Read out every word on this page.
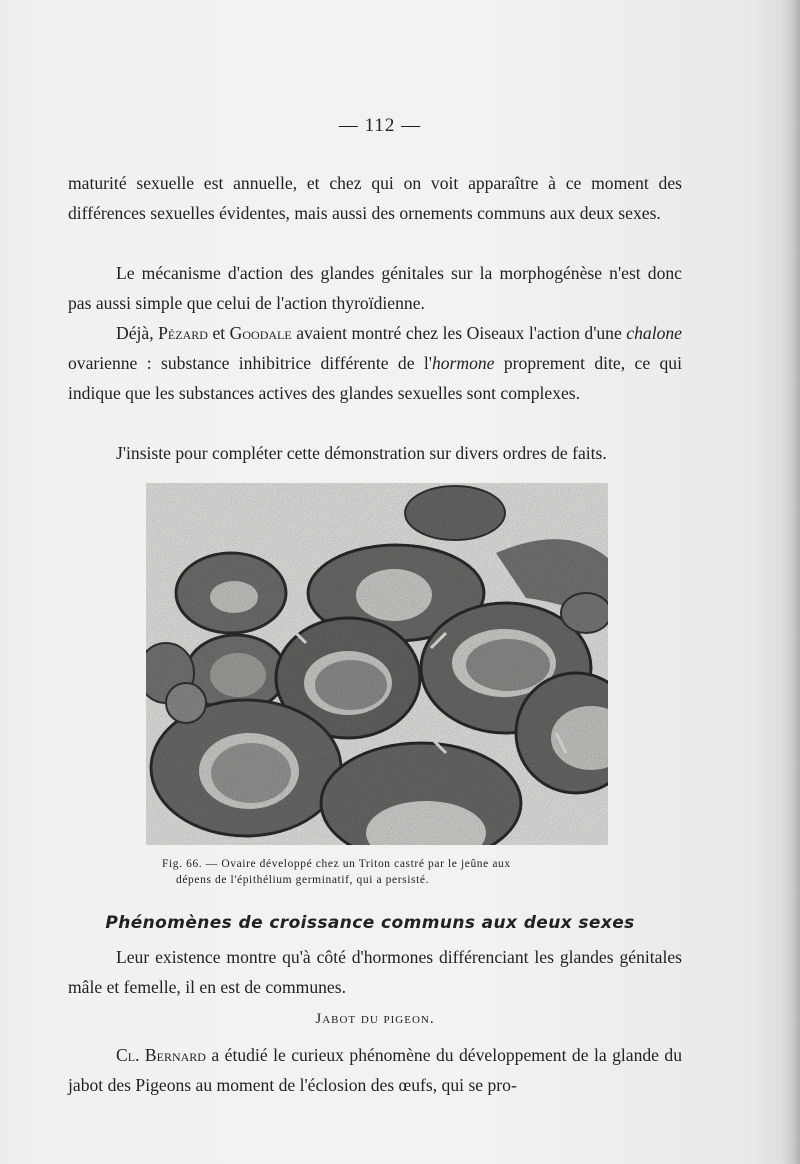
— 112 —

maturité sexuelle est annuelle, et chez qui on voit apparaître à ce moment des différences sexuelles évidentes, mais aussi des ornements communs aux deux sexes.

Le mécanisme d'action des glandes génitales sur la morphogénèse n'est donc pas aussi simple que celui de l'action thyroïdienne.

Déjà, Pézard et Goodale avaient montré chez les Oiseaux l'action d'une chalone ovarienne : substance inhibitrice différente de l'hormone proprement dite, ce qui indique que les substances actives des glandes sexuelles sont complexes.

J'insiste pour compléter cette démonstration sur divers ordres de faits.

Fig. 66. — Ovaire développé chez un Triton castré par le jeûne aux
dépens de l'épithélium germinatif, qui a persisté.
Phénomènes de croissance communs aux deux sexes

Leur existence montre qu'à côté d'hormones différenciant les glandes génitales mâle et femelle, il en est de communes.

Jabot du pigeon.

Cl. Bernard a étudié le curieux phénomène du développement de la glande du jabot des Pigeons au moment de l'éclosion des œufs, qui se pro-
